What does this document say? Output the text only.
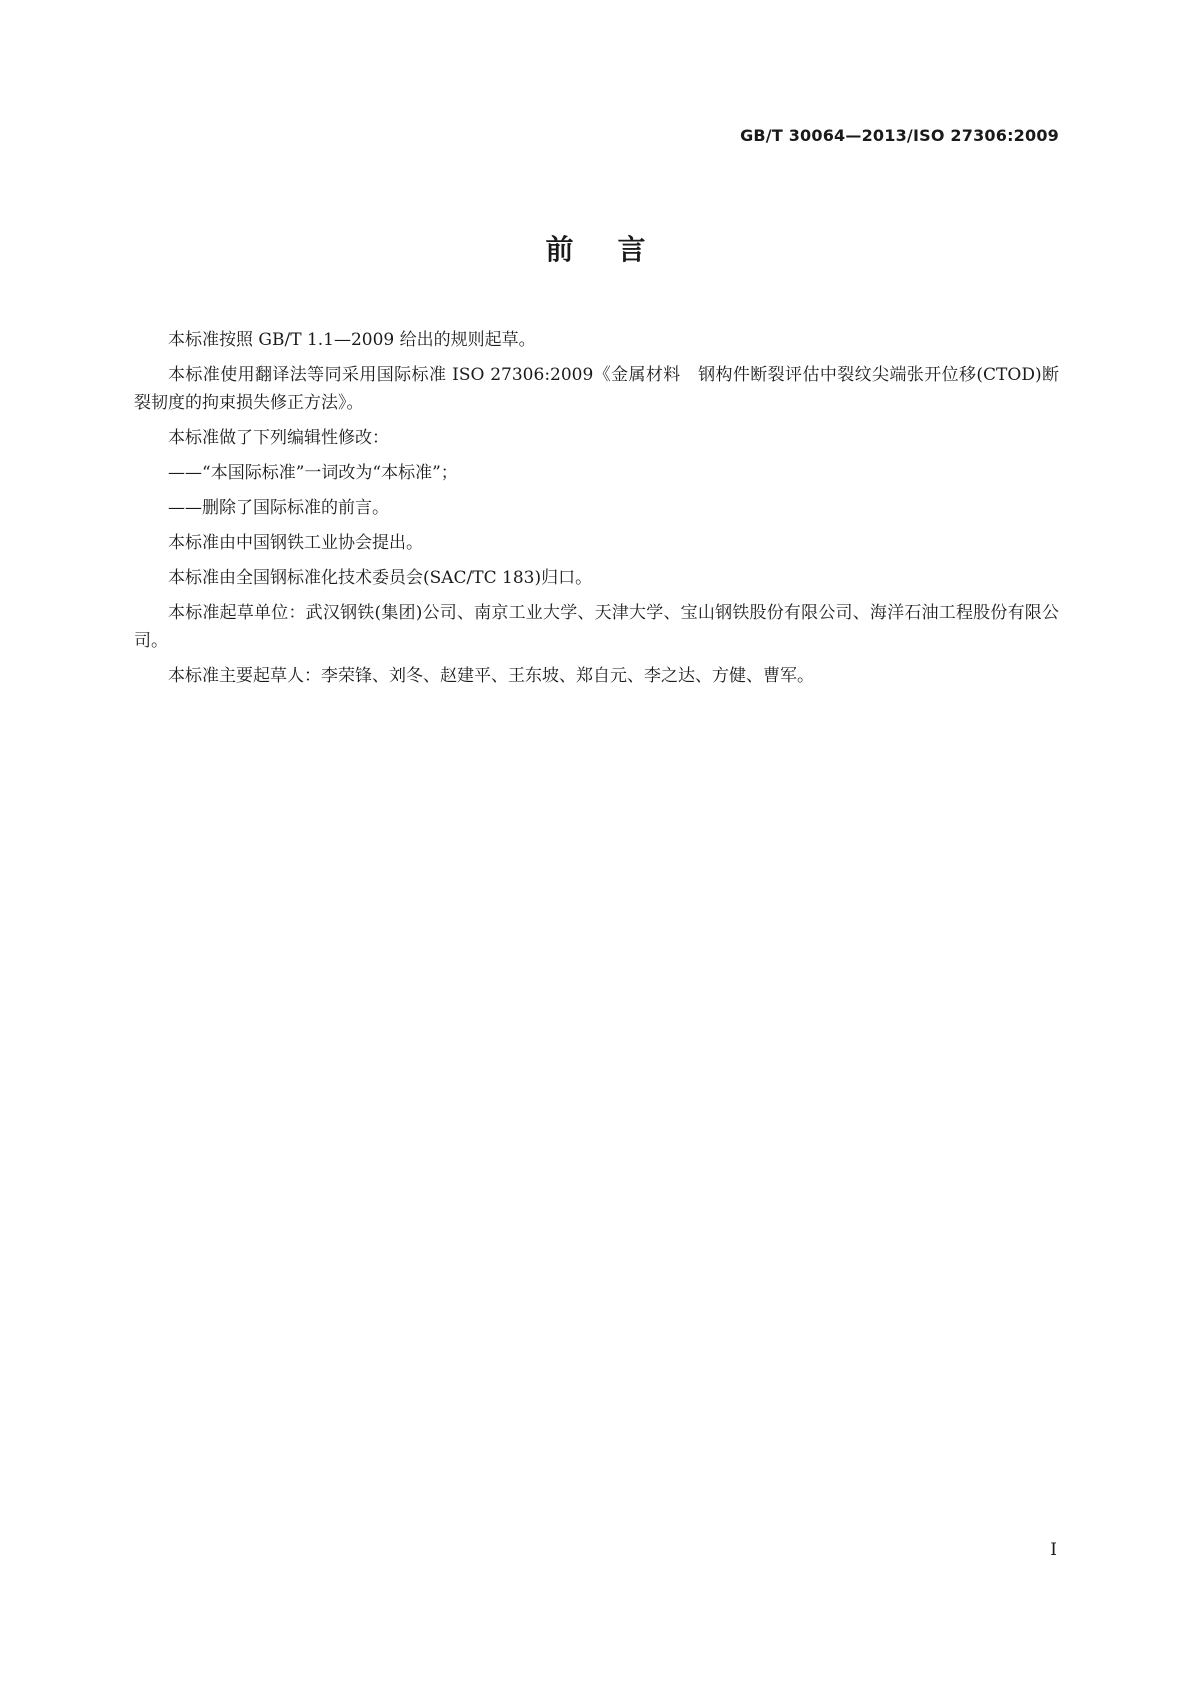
GB/T 30064—2013/ISO 27306:2009
前言

本标准按照 GB/T 1.1—2009 给出的规则起草。

本标准使用翻译法等同采用国际标准 ISO 27306:2009《金属材料　钢构件断裂评估中裂纹尖端张开位移(CTOD)断裂韧度的拘束损失修正方法》。

本标准做了下列编辑性修改：

——“本国际标准”一词改为“本标准”；

——删除了国际标准的前言。

本标准由中国钢铁工业协会提出。

本标准由全国钢标准化技术委员会(SAC/TC 183)归口。

本标准起草单位：武汉钢铁(集团)公司、南京工业大学、天津大学、宝山钢铁股份有限公司、海洋石油工程股份有限公司。

本标准主要起草人：李荣锋、刘冬、赵建平、王东坡、郑自元、李之达、方健、曹军。

I
